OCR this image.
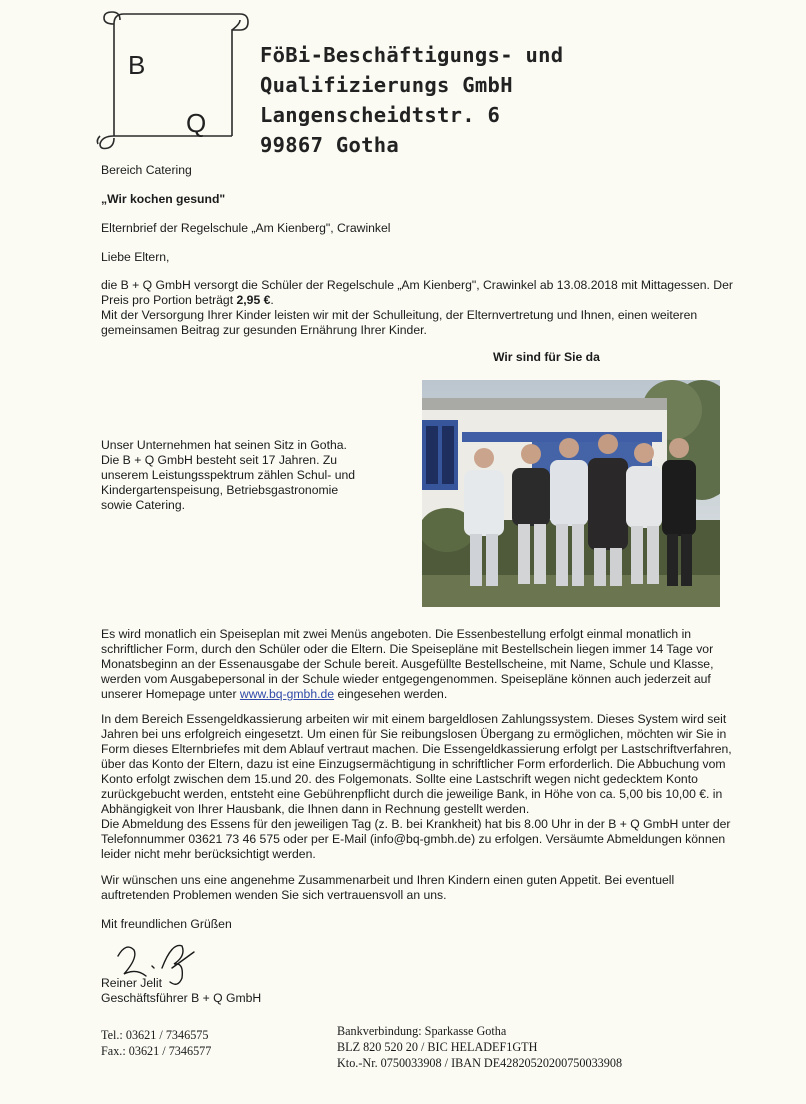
B
Q
FöBi-Beschäftigungs- und
Qualifizierungs GmbH
Langenscheidtstr. 6
99867 Gotha
Bereich Catering
„Wir kochen gesund"
Elternbrief der Regelschule „Am Kienberg", Crawinkel
Liebe Eltern,
die B + Q GmbH versorgt die Schüler der Regelschule „Am Kienberg", Crawinkel ab 13.08.2018 mit Mittagessen. Der
Preis pro Portion beträgt 2,95 €.
Mit der Versorgung Ihrer Kinder leisten wir mit der Schulleitung, der Elternvertretung und Ihnen, einen weiteren
gemeinsamen Beitrag zur gesunden Ernährung Ihrer Kinder.
Wir sind für Sie da
Unser Unternehmen hat seinen Sitz in Gotha.
Die B + Q GmbH besteht seit 17 Jahren. Zu
unserem Leistungsspektrum zählen Schul- und
Kindergartenspeisung, Betriebsgastronomie
sowie Catering.
Es wird monatlich ein Speiseplan mit zwei Menüs angeboten. Die Essenbestellung erfolgt einmal monatlich in
schriftlicher Form, durch den Schüler oder die Eltern. Die Speisepläne mit Bestellschein liegen immer 14 Tage vor
Monatsbeginn an der Essenausgabe der Schule bereit. Ausgefüllte Bestellscheine, mit Name, Schule und Klasse,
werden vom Ausgabepersonal in der Schule wieder entgegengenommen. Speisepläne können auch jederzeit auf
unserer Homepage unter www.bq-gmbh.de eingesehen werden.
In dem Bereich Essengeldkassierung arbeiten wir mit einem bargeldlosen Zahlungssystem. Dieses System wird seit
Jahren bei uns erfolgreich eingesetzt. Um einen für Sie reibungslosen Übergang zu ermöglichen, möchten wir Sie in
Form dieses Elternbriefes mit dem Ablauf vertraut machen. Die Essengeldkassierung erfolgt per Lastschriftverfahren,
über das Konto der Eltern, dazu ist eine Einzugsermächtigung in schriftlicher Form erforderlich. Die Abbuchung vom
Konto erfolgt zwischen dem 15.und 20. des Folgemonats. Sollte eine Lastschrift wegen nicht gedecktem Konto
zurückgebucht werden, entsteht eine Gebührenpflicht durch die jeweilige Bank, in Höhe von ca. 5,00 bis 10,00 €. in
Abhängigkeit von Ihrer Hausbank, die Ihnen dann in Rechnung gestellt werden.
Die Abmeldung des Essens für den jeweiligen Tag (z. B. bei Krankheit) hat bis 8.00 Uhr in der B + Q GmbH unter der
Telefonnummer 03621 73 46 575 oder per E-Mail (info@bq-gmbh.de) zu erfolgen. Versäumte Abmeldungen können
leider nicht mehr berücksichtigt werden.
Wir wünschen uns eine angenehme Zusammenarbeit und Ihren Kindern einen guten Appetit. Bei eventuell
auftretenden Problemen wenden Sie sich vertrauensvoll an uns.
Mit freundlichen Grüßen
Reiner Jelit
Geschäftsführer B + Q GmbH
Tel.: 03621 / 7346575
Fax.: 03621 / 7346577
Bankverbindung: Sparkasse Gotha
BLZ 820 520 20 / BIC HELADEF1GTH
Kto.-Nr. 0750033908 / IBAN DE42820520200750033908
